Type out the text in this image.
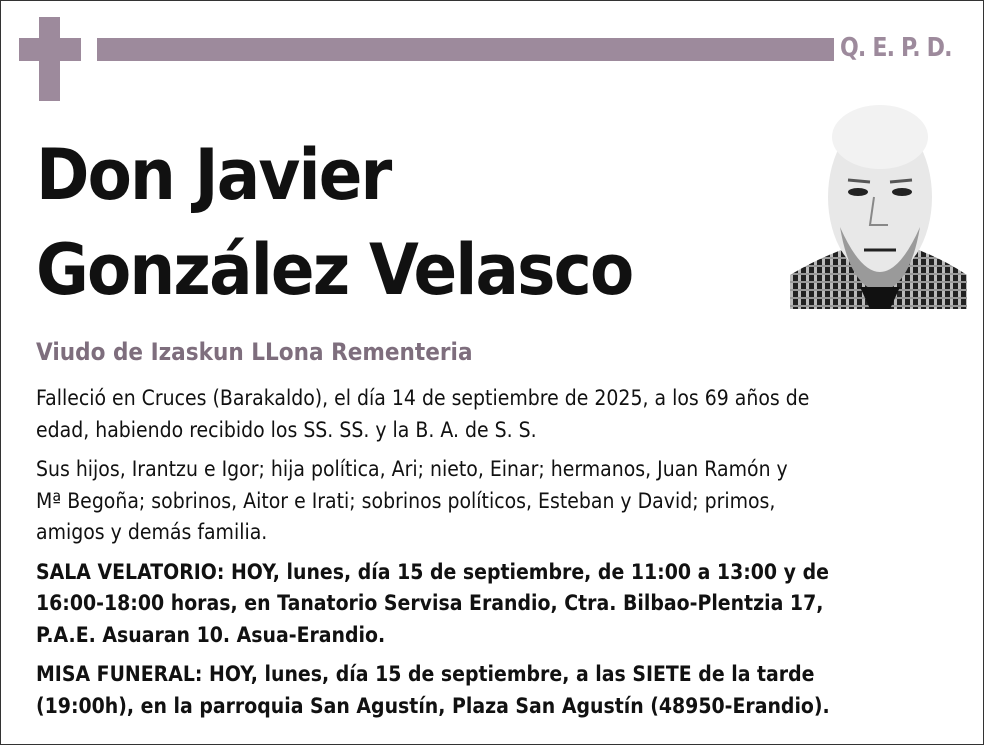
Q. E. P. D.
Don Javier
González Velasco
Viudo de Izaskun LLona Rementeria

Falleció en Cruces (Barakaldo), el día 14 de septiembre de 2025, a los 69 años de
edad, habiendo recibido los SS. SS. y la B. A. de S. S.

Sus hijos, Irantzu e Igor; hija política, Ari; nieto, Einar; hermanos, Juan Ramón y
Mª Begoña; sobrinos, Aitor e Irati; sobrinos políticos, Esteban y David; primos,
amigos y demás familia.

SALA VELATORIO: HOY, lunes, día 15 de septiembre, de 11:00 a 13:00 y de
16:00-18:00 horas, en Tanatorio Servisa Erandio, Ctra. Bilbao-Plentzia 17,
P.A.E. Asuaran 10. Asua-Erandio.

MISA FUNERAL: HOY, lunes, día 15 de septiembre, a las SIETE de la tarde
(19:00h), en la parroquia San Agustín, Plaza San Agustín (48950-Erandio).
